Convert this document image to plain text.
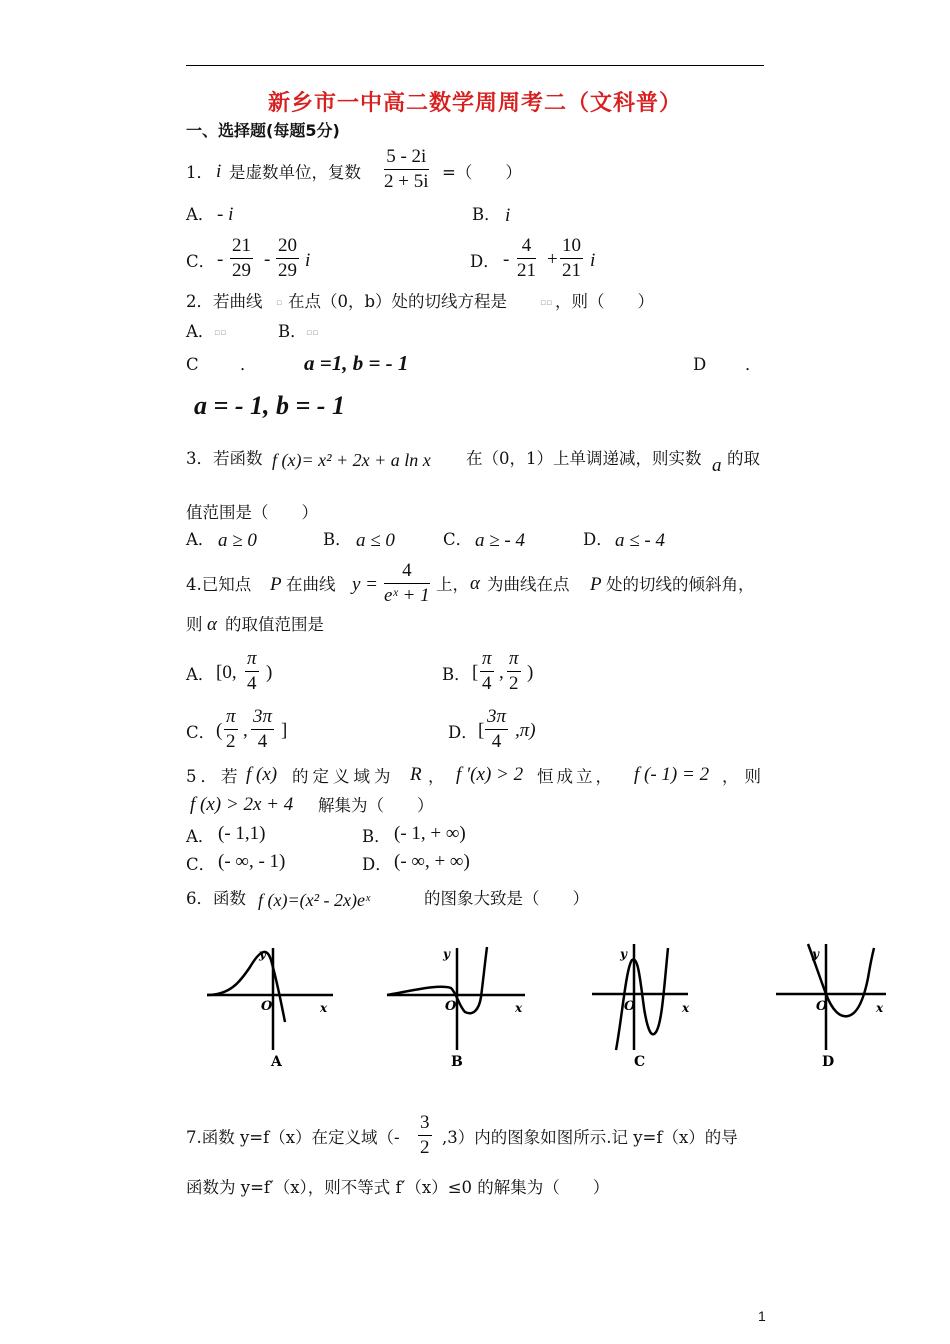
新乡市一中高二数学周周考二（文科普）
一、选择题(每题5分)
1． i 是虚数单位，复数 $\frac{5 - 2i}{2 + 5i}$ =（　　）
A． - i	B． i
C． - $\frac{21}{29} - \frac{20}{29}$ i	D． - $\frac{4}{21} + \frac{10}{21}$ i
2．若曲线 ▫ 在点（0，b）处的切线方程是	▫▫ ，则（　　）
A． ▫▫	B． ▫▫
C	． a =1, b = - 1	D ．
a = - 1, b = - 1
3．若函数 f (x)= x² + 2x + a ln x 在（0，1）上单调递减，则实数 a 的取
值范围是（　　）
A． a ≥ 0	B． a ≤ 0	C． a ≥ - 4	D． a ≤ - 4
4.已知点 P 在曲线 $y = \frac{4}{\text{eˣ + 1}}$ 上， α 为曲线在点 P 处的切线的倾斜角，
则 α 的取值范围是
A． [0, $\frac{\pi}{4}$ )	B． [ $\frac{\pi}{4}$ , $\frac{\pi}{2}$ )
C． ( $\frac{\pi}{2}$ , $\frac{3\pi}{4}$ ]	D． [ $\frac{3\pi}{4} ,\pi$)
5．若 f (x) 的定义域为 R ， f ′(x) > 2 恒成立， f (- 1) = 2 ，则
f (x) > 2x + 4 解集为（　　）
A． (- 1,1)	B． (- 1, + ∞)
C． (- ∞, - 1)	D． (- ∞, + ∞)
6．函数 f (x)=(x² - 2x)eˣ	的图象大致是（　　）
y
x
O
A
y
x
O
B
y
x
O
C
y
x
O
D
7.函数 y=f（x）在定义域（- $\frac{3}{2} ,3$）内的图象如图所示.记 y=f（x）的导
函数为 y=f′（x），则不等式 f′（x）≤0 的解集为（　　）
1
